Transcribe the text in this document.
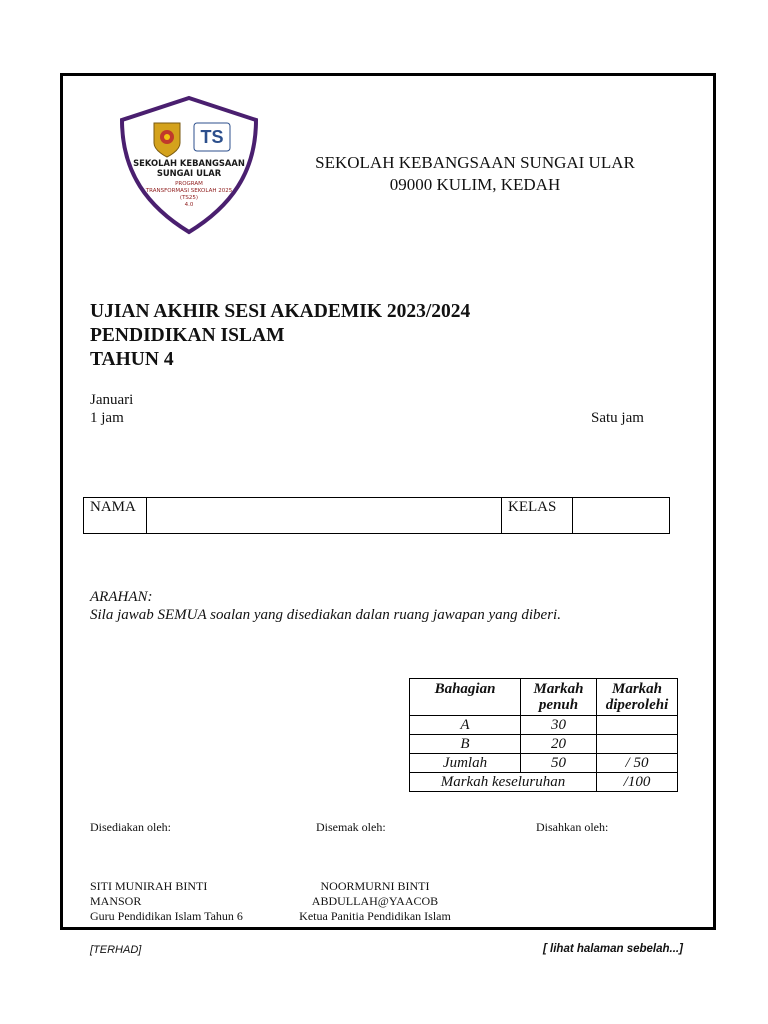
TS
SEKOLAH KEBANGSAAN
SUNGAI ULAR
PROGRAM
TRANSFORMASI SEKOLAH 2025
(TS25)
4.0
SEKOLAH KEBANGSAAN SUNGAI ULAR
09000 KULIM, KEDAH
UJIAN AKHIR SESI AKADEMIK 2023/2024
PENDIDIKAN ISLAM
TAHUN 4
Januari
1 jam	Satu jam
NAMA		KELAS	
ARAHAN:
Sila jawab SEMUA soalan yang disediakan dalan ruang jawapan yang diberi.
Bahagian	Markah penuh	Markah diperolehi
A	30	
B	20	
Jumlah	50	/ 50
Markah keseluruhan		/100
Disediakan oleh:	Disemak oleh:	Disahkan oleh:
SITI MUNIRAH BINTI
MANSOR
Guru Pendidikan Islam Tahun 6
NOORMURNI BINTI
ABDULLAH@YAACOB
Ketua Panitia Pendidikan Islam
[TERHAD]	[ lihat halaman sebelah...]
